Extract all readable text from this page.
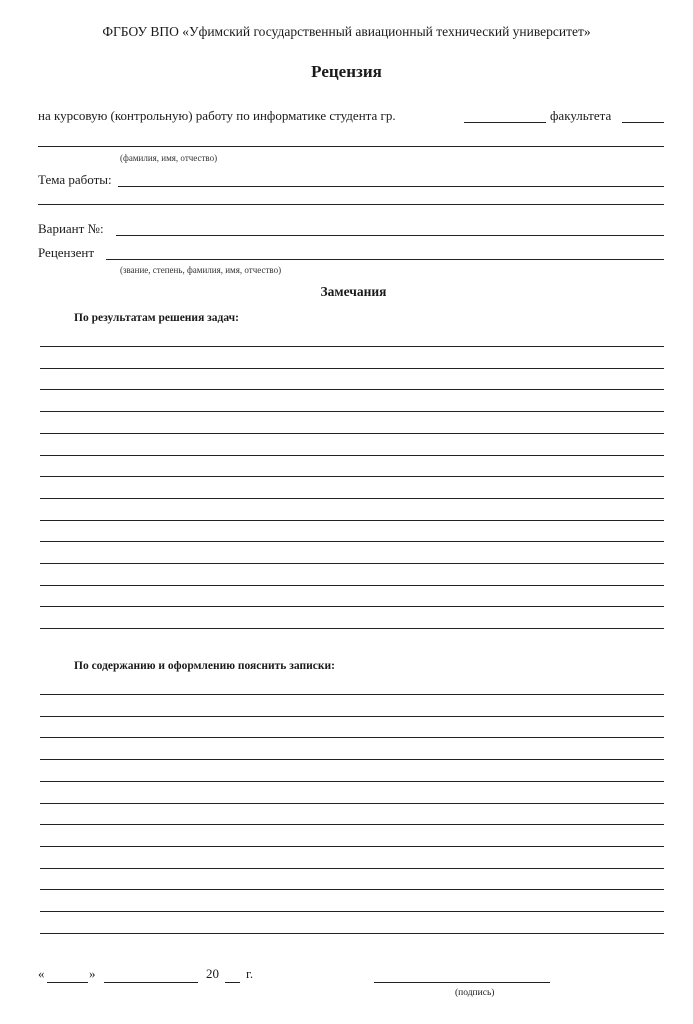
ФГБОУ ВПО «Уфимский государственный авиационный технический университет»
Рецензия
на курсовую (контрольную) работу по информатике студента гр.	факультета
(фамилия, имя, отчество)
Тема работы:
Вариант №:
Рецензент
(звание, степень, фамилия, имя, отчество)
Замечания
По результатам решения задач:
По содержанию и оформлению пояснить записки:
«	»	20 г.
(подпись)
